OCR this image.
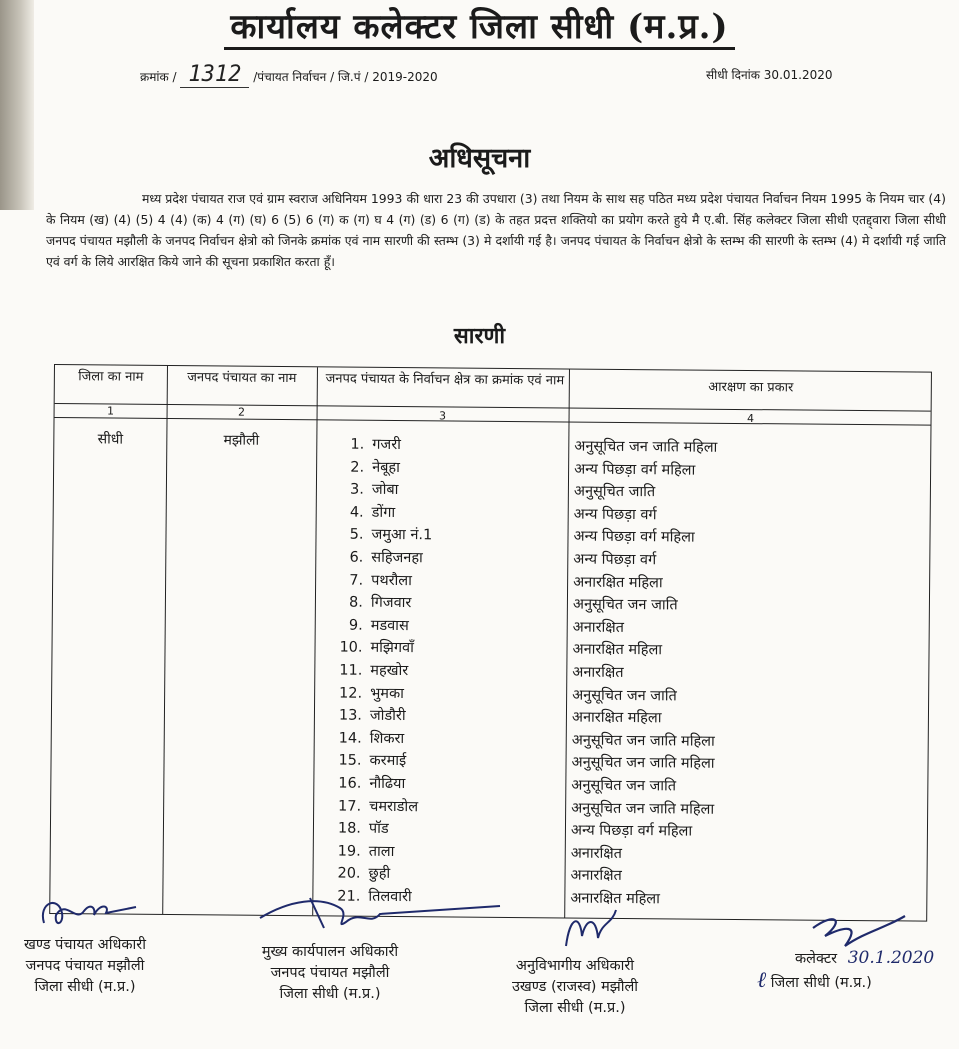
कार्यालय कलेक्टर जिला सीधी (म.प्र.)
क्रमांक / 1312 /पंचायत निर्वाचन / जि.पं / 2019-2020	सीधी दिनांक 30.01.2020
अधिसूचना
मध्य प्रदेश पंचायत राज एवं ग्राम स्वराज अधिनियम 1993 की धारा 23 की उपधारा (3) तथा नियम के साथ सह पठित मध्य प्रदेश पंचायत निर्वाचन नियम 1995 के नियम चार (4) के नियम (ख) (4) (5) 4 (4) (क) 4 (ग) (घ) 6 (5) 6 (ग) क (ग) घ 4 (ग) (ड) 6 (ग) (ड) के तहत प्रदत्त शक्तियो का प्रयोग करते हुये मै ए.बी. सिंह कलेक्टर जिला सीधी एतद्द्वारा जिला सीधी जनपद पंचायत मझौली के जनपद निर्वाचन क्षेत्रो को जिनके क्रमांक एवं नाम सारणी की स्तम्भ (3) मे दर्शायी गई है। जनपद पंचायत के निर्वाचन क्षेत्रो के स्तम्भ की सारणी के स्तम्भ (4) मे दर्शायी गई जाति एवं वर्ग के लिये आरक्षित किये जाने की सूचना प्रकाशित करता हूँ।
सारणी
जिला का नाम	जनपद पंचायत का नाम	जनपद पंचायत के निर्वाचन क्षेत्र का क्रमांक एवं नाम	आरक्षण का प्रकार
1	2	3	4
सीधी	मझौली	1. गजरी	अनुसूचित जन जाति महिला
2. नेबूहा	अन्य पिछड़ा वर्ग महिला
3. जोबा	अनुसूचित जाति
4. डोंगा	अन्य पिछड़ा वर्ग
5. जमुआ नं.1	अन्य पिछड़ा वर्ग महिला
6. सहिजनहा	अन्य पिछड़ा वर्ग
7. पथरौला	अनारक्षित महिला
8. गिजवार	अनुसूचित जन जाति
9. मडवास	अनारक्षित
10. मझिगवाँ	अनारक्षित महिला
11. महखोर	अनारक्षित
12. भुमका	अनुसूचित जन जाति
13. जोडौरी	अनारक्षित महिला
14. शिकरा	अनुसूचित जन जाति महिला
15. करमाई	अनुसूचित जन जाति महिला
16. नौढिया	अनुसूचित जन जाति
17. चमराडोल	अनुसूचित जन जाति महिला
18. पॉड	अन्य पिछड़ा वर्ग महिला
19. ताला	अनारक्षित
20. छुही	अनारक्षित
21. तिलवारी	अनारक्षित महिला
खण्ड पंचायत अधिकारी
जनपद पंचायत मझौली
जिला सीधी (म.प्र.)
मुख्य कार्यपालन अधिकारी
जनपद पंचायत मझौली
जिला सीधी (म.प्र.)
अनुविभागीय अधिकारी
उखण्ड (राजस्व) मझौली
जिला सीधी (म.प्र.)
कलेक्टर 30.1.2020
ℓ जिला सीधी (म.प्र.)
